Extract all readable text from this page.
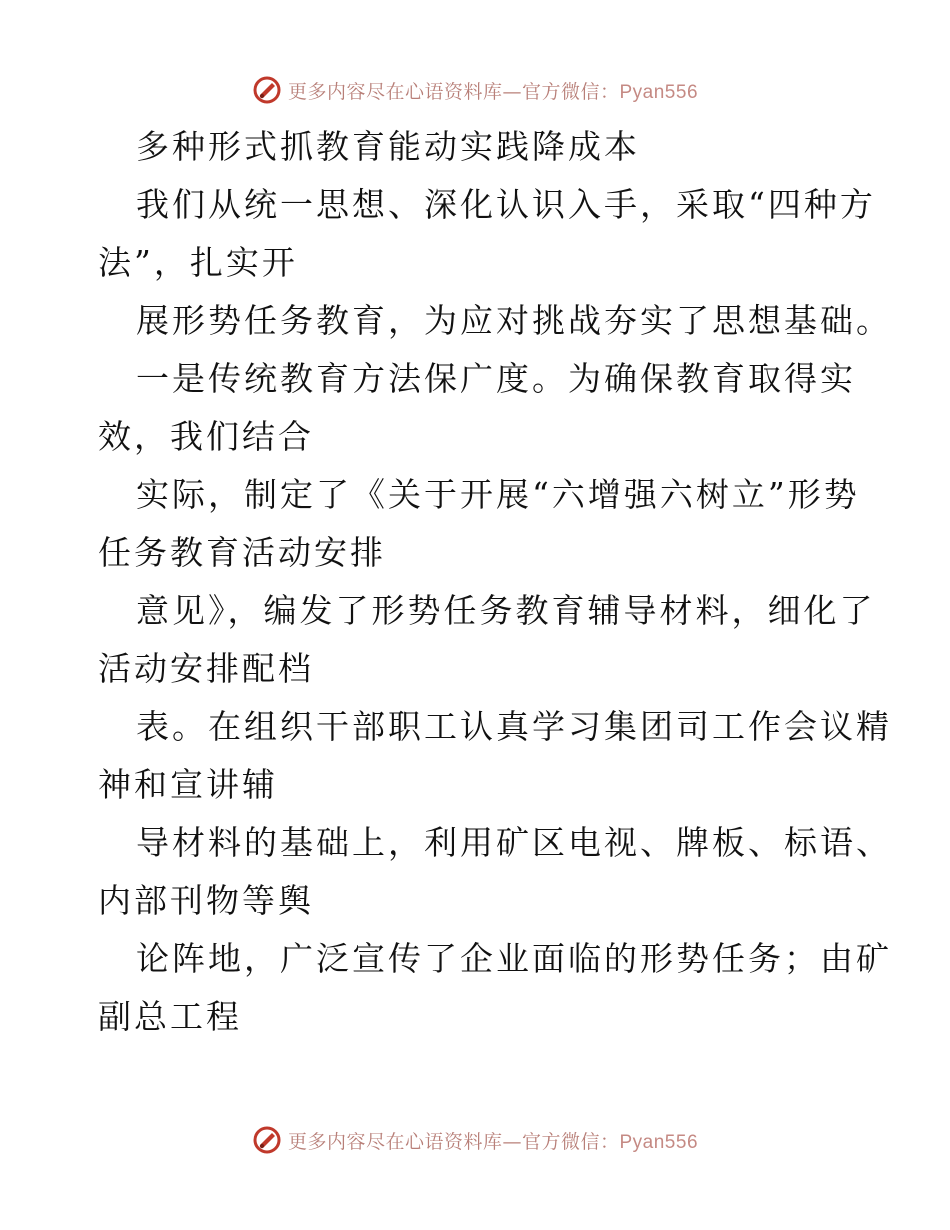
更多内容尽在心语资料库—官方微信：Pyan556
多种形式抓教育能动实践降成本
我们从统一思想、深化认识入手，采取“四种方
法”，扎实开
展形势任务教育，为应对挑战夯实了思想基础。
一是传统教育方法保广度。为确保教育取得实
效，我们结合
实际，制定了《关于开展“六增强六树立”形势
任务教育活动安排
意见》，编发了形势任务教育辅导材料，细化了
活动安排配档
表。在组织干部职工认真学习集团司工作会议精
神和宣讲辅
导材料的基础上，利用矿区电视、牌板、标语、
内部刊物等舆
论阵地，广泛宣传了企业面临的形势任务；由矿
副总工程
更多内容尽在心语资料库—官方微信：Pyan556
